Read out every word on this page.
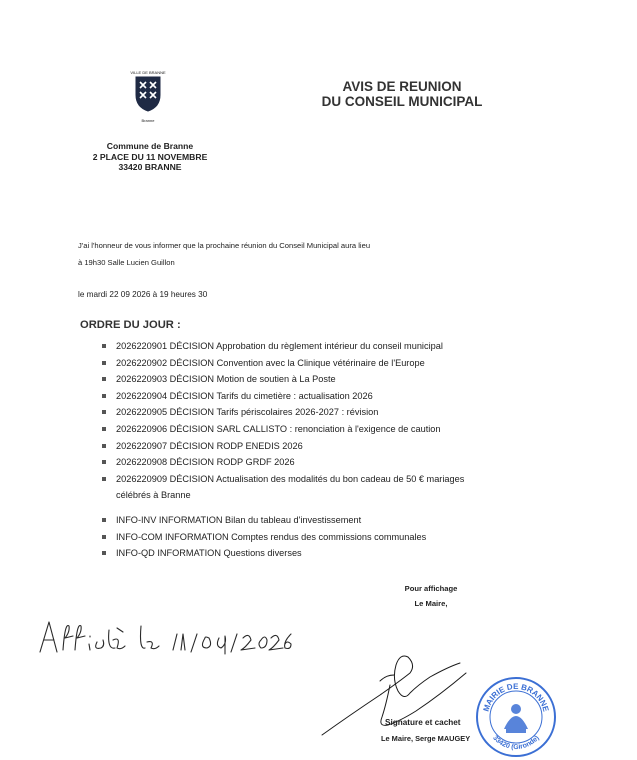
VILLE DE BRANNE
Branne
AVIS DE REUNION
DU CONSEIL MUNICIPAL
Commune de Branne
2 PLACE DU 11 NOVEMBRE
33420 BRANNE
J'ai l'honneur de vous informer que la prochaine réunion du Conseil Municipal aura lieu
à 19h30 Salle Lucien Guillon
le mardi 22 09 2026 à 19 heures 30
ORDRE DU JOUR :
2026220901 DÉCISION Approbation du règlement intérieur du conseil municipal
2026220902 DÉCISION Convention avec la Clinique vétérinaire de l'Europe
2026220903 DÉCISION Motion de soutien à La Poste
2026220904 DÉCISION Tarifs du cimetière : actualisation 2026
2026220905 DÉCISION Tarifs périscolaires 2026-2027 : révision
2026220906 DÉCISION SARL CALLISTO : renonciation à l'exigence de caution
2026220907 DÉCISION RODP ENEDIS 2026
2026220908 DÉCISION RODP GRDF 2026
2026220909 DÉCISION Actualisation des modalités du bon cadeau de 50 € mariages
célébrés à Branne
INFO-INV INFORMATION Bilan du tableau d'investissement
INFO-COM INFORMATION Comptes rendus des commissions communales
INFO-QD INFORMATION Questions diverses
Pour affichage
Le Maire,
Signature et cachet
Le Maire, Serge MAUGEY
MAIRIE DE BRANNE
33420 (Gironde)
